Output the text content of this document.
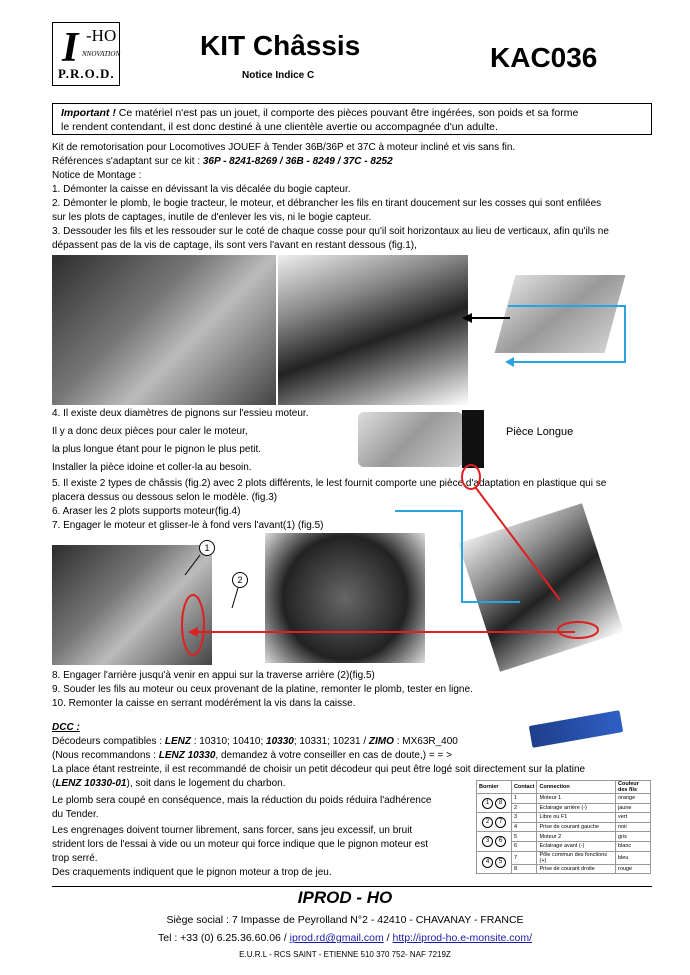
I -HO
NNOVATION
P.R.O.D.
KIT Châssis
Notice Indice C
KAC036
Important ! Ce matériel n'est pas un jouet, il comporte des pièces pouvant être ingérées, son poids et sa forme
le rendent contendant, il est donc destiné à une clientèle avertie ou accompagnée d'un adulte.
Kit de remotorisation pour Locomotives JOUEF à Tender 36B/36P et 37C à moteur incliné et vis sans fin.
Références s'adaptant sur ce kit : 36P - 8241-8269 / 36B - 8249 / 37C - 8252
Notice de Montage :
1. Démonter la caisse en dévissant la vis décalée du bogie capteur.
2. Démonter le plomb, le bogie tracteur, le moteur, et débrancher les fils en tirant doucement sur les cosses qui sont enfilées
sur les plots de captages, inutile de d'enlever les vis, ni le bogie capteur.
3. Dessouder les fils et les ressouder sur le coté de chaque cosse pour qu'il soit horizontaux au lieu de verticaux, afin qu'ils ne
dépassent pas de la vis de captage, ils sont vers l'avant en restant dessous (fig.1),
4. Il existe deux diamètres de pignons sur l'essieu moteur.
Il y a donc deux pièces pour caler le moteur,
la plus longue étant pour le pignon le plus petit.
Installer la pièce idoine et coller-la au besoin.
Pièce Longue
5. Il existe 2 types de châssis (fig.2) avec 2 plots différents, le lest fournit comporte une pièce d'adaptation en plastique qui se
placera dessus ou dessous selon le modèle. (fig.3)
6. Araser les 2 plots supports moteur(fig.4)
7. Engager le moteur et glisser-le à fond vers l'avant(1) (fig.5)
1
2
8. Engager l'arrière jusqu'à venir en appui sur la traverse arrière (2)(fig.5)
9. Souder les fils au moteur ou ceux provenant de la platine, remonter le plomb, tester en ligne.
10. Remonter la caisse en serrant modérément la vis dans la caisse.
DCC :
Décodeurs compatibles : LENZ : 10310; 10410; 10330; 10331; 10231 / ZIMO : MX63R_400
(Nous recommandons : LENZ 10330, demandez à votre conseiller en cas de doute,) = = >
La place étant restreinte, il est recommandé de choisir un petit décodeur qui peut être logé soit directement sur la platine
(LENZ 10330-01), soit dans le logement du charbon.
Le plomb sera coupé en conséquence, mais la réduction du poids réduira l'adhérence
du Tender.
Les engrenages doivent tourner librement, sans forcer, sans jeu excessif, un bruit
strident lors de l'essai à vide ou un moteur qui force indique que le pignon moteur est
trop serré.
Des craquements indiquent que le pignon moteur a trop de jeu.
Bornier	Contact	Connection	Couleur des fils
1 8	1	Moteur 1	orange
	2	Eclairage arrière (-)	jaune
2 7	3	Libre ou F1	vert
	4	Prise de courant gauche	noir
3 6	5	Moteur 2	gris
	6	Eclairage avant (-)	blanc
4 5	7	Pôle commun des fonctions (+)	bleu
	8	Prise de courant droite	rouge
IPROD - HO
Siège social : 7 Impasse de Peyrolland N°2 - 42410 - CHAVANAY - FRANCE
Tel : +33 (0) 6.25.36.60.06 / iprod.rd@gmail.com / http://iprod-ho.e-monsite.com/
E.U.R.L - RCS SAINT - ETIENNE 510 370 752- NAF 7219Z
